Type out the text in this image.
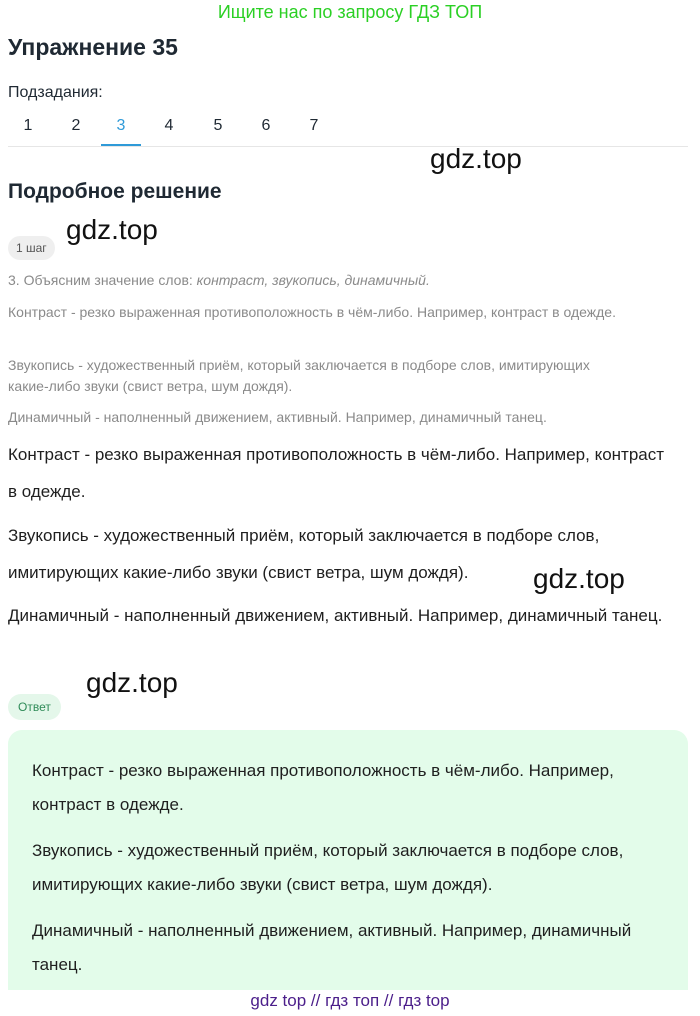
Ищите нас по запросу ГДЗ ТОП
Упражнение 35
Подзадания:
1	2	3	4	5	6	7
gdz.top
Подробное решение
gdz.top
1 шаг
3. Объясним значение слов: контраст, звукопись, динамичный.
Контраст - резко выраженная противоположность в чём-либо. Например, контраст в одежде.
Звукопись - художественный приём, который заключается в подборе слов, имитирующих какие-либо звуки (свист ветра, шум дождя).
Динамичный - наполненный движением, активный. Например, динамичный танец.
Контраст - резко выраженная противоположность в чём-либо. Например, контраст в одежде.
Звукопись - художественный приём, который заключается в подборе слов, имитирующих какие-либо звуки (свист ветра, шум дождя).
Динамичный - наполненный движением, активный. Например, динамичный танец.
gdz.top
gdz.top
Ответ
Контраст - резко выраженная противоположность в чём-либо. Например, контраст в одежде.
Звукопись - художественный приём, который заключается в подборе слов, имитирующих какие-либо звуки (свист ветра, шум дождя).
Динамичный - наполненный движением, активный. Например, динамичный танец.
gdz top // гдз топ // гдз top
